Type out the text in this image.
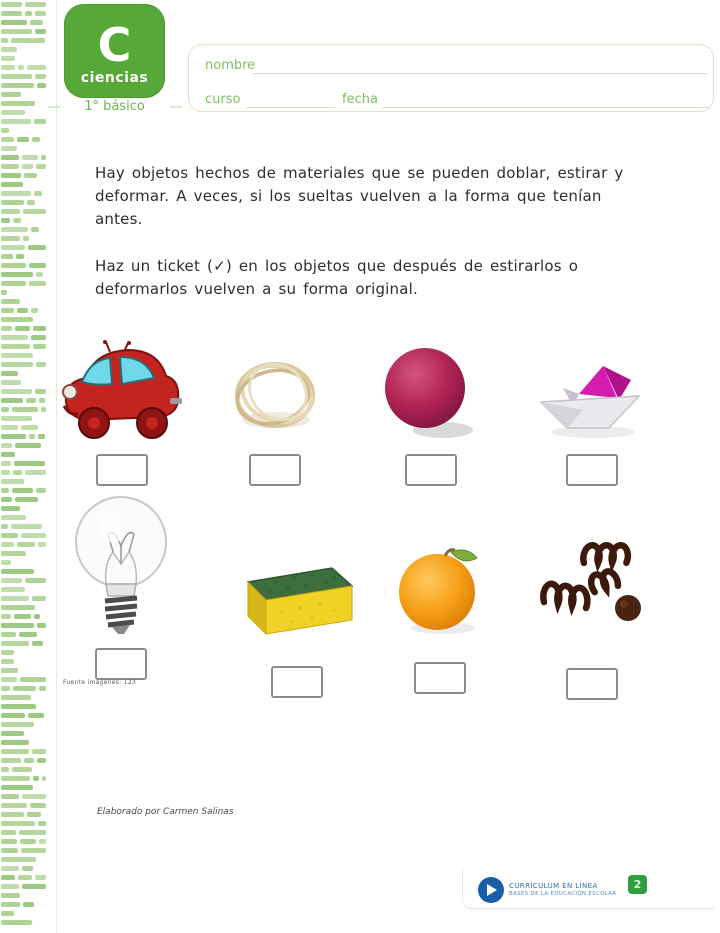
C
ciencias
1° básico
nombre
curso	fecha

Hay objetos hechos de materiales que se pueden doblar, estirar y deformar. A veces, si los sueltas vuelven a la forma que tenían antes.

Haz un ticket (✓) en los objetos que después de estirarlos o deformarlos vuelven a su forma original.

Fuente imágenes: 123
Elaborado por Carmen Salinas
CURRÍCULUM EN LÍNEA
BASES DE LA EDUCACIÓN ESCOLAR
2
